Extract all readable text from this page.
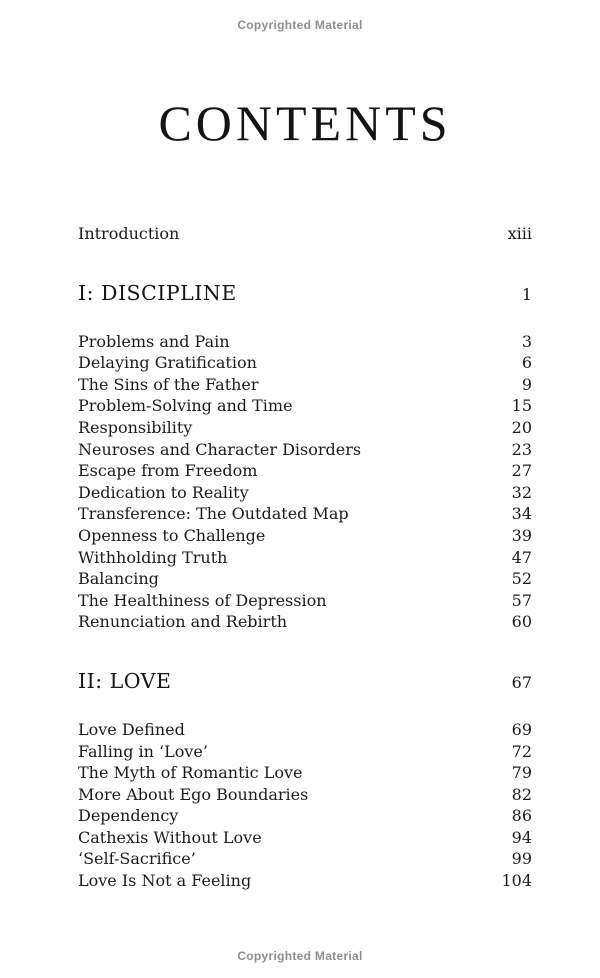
Copyrighted Material
CONTENTS
Introduction	xiii
I: DISCIPLINE	1
Problems and Pain	3
Delaying Gratification	6
The Sins of the Father	9
Problem-Solving and Time	15
Responsibility	20
Neuroses and Character Disorders	23
Escape from Freedom	27
Dedication to Reality	32
Transference: The Outdated Map	34
Openness to Challenge	39
Withholding Truth	47
Balancing	52
The Healthiness of Depression	57
Renunciation and Rebirth	60
II: LOVE	67
Love Defined	69
Falling in ‘Love’	72
The Myth of Romantic Love	79
More About Ego Boundaries	82
Dependency	86
Cathexis Without Love	94
‘Self-Sacrifice’	99
Love Is Not a Feeling	104
Copyrighted Material
